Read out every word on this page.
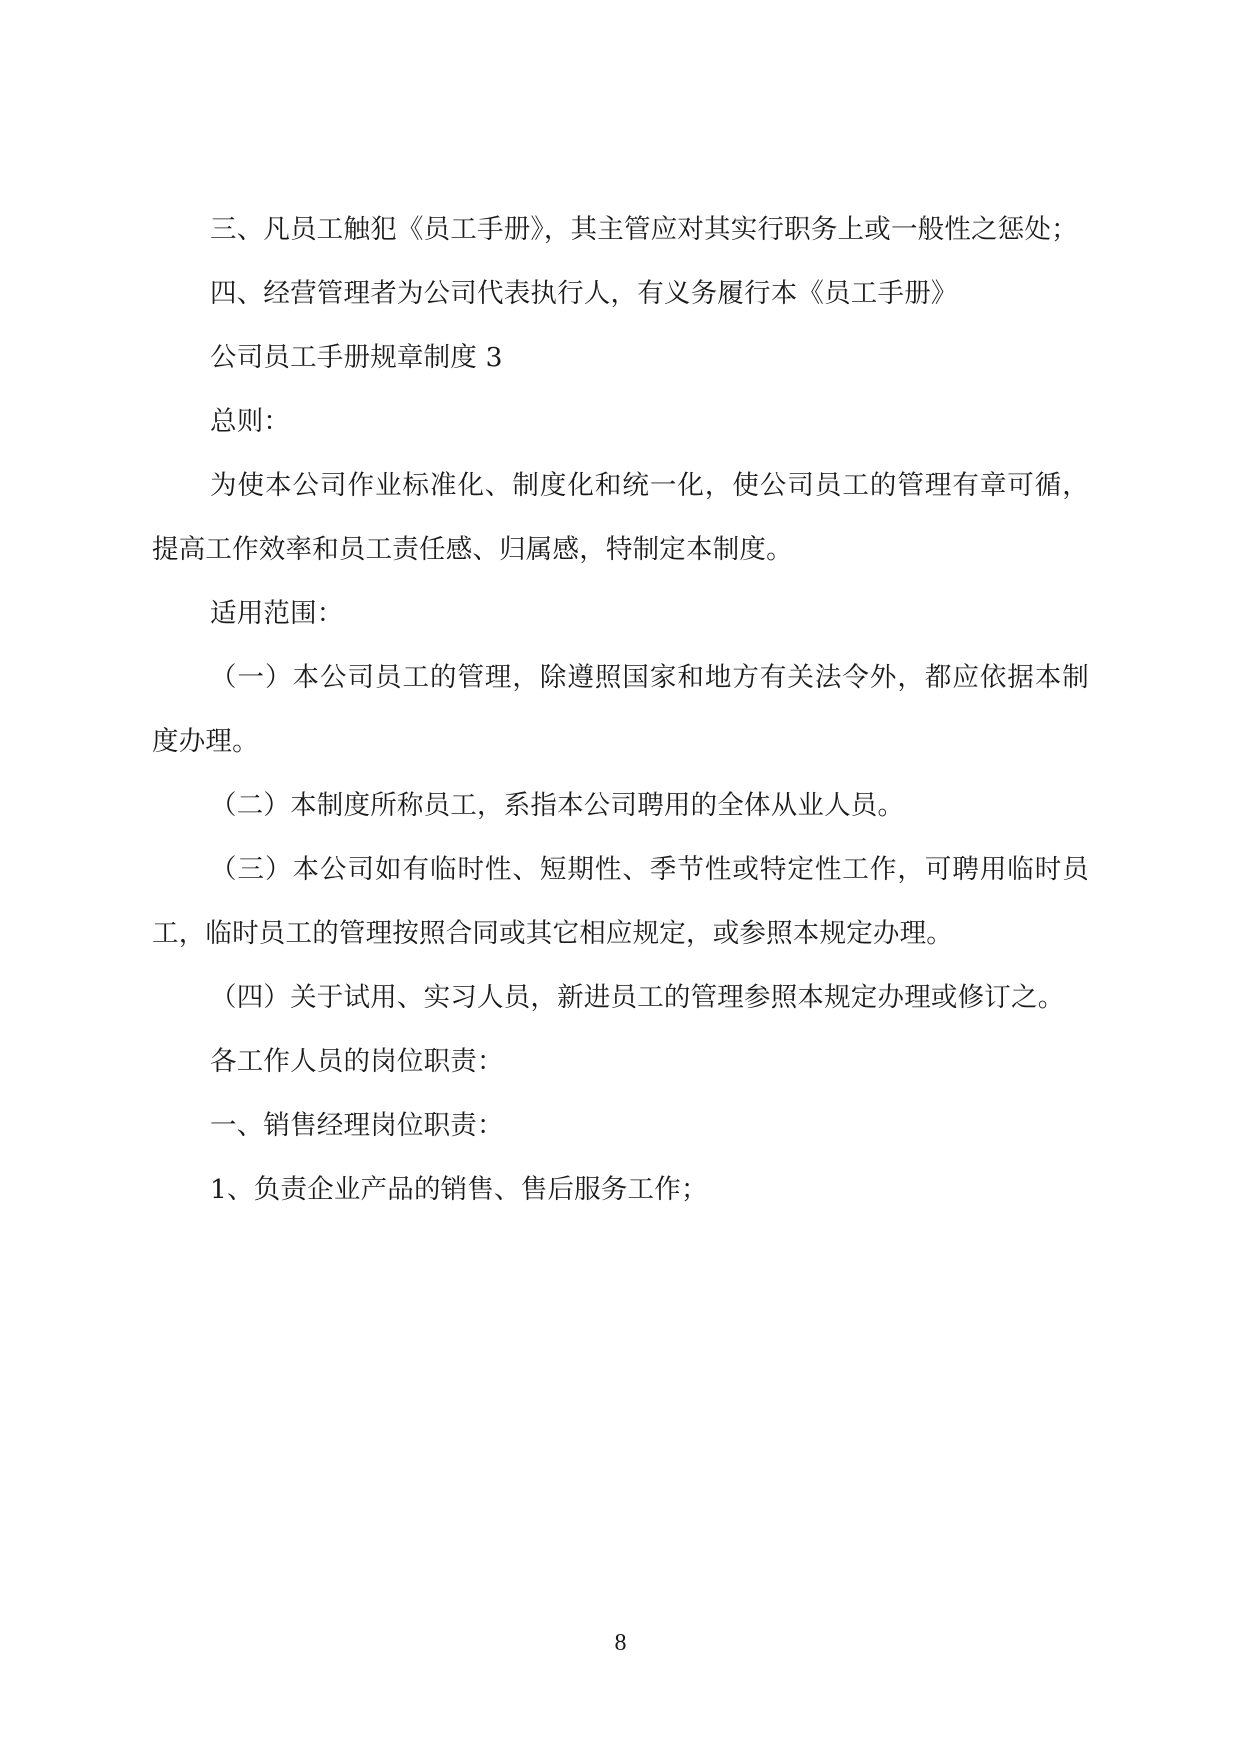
三、凡员工触犯《员工手册》，其主管应对其实行职务上或一般性之惩处；

四、经营管理者为公司代表执行人，有义务履行本《员工手册》

公司员工手册规章制度 3

总则：

为使本公司作业标准化、制度化和统一化，使公司员工的管理有章可循，提高工作效率和员工责任感、归属感，特制定本制度。

适用范围：

（一）本公司员工的管理，除遵照国家和地方有关法令外，都应依据本制度办理。

（二）本制度所称员工，系指本公司聘用的全体从业人员。

（三）本公司如有临时性、短期性、季节性或特定性工作，可聘用临时员工，临时员工的管理按照合同或其它相应规定，或参照本规定办理。

（四）关于试用、实习人员，新进员工的管理参照本规定办理或修订之。

各工作人员的岗位职责：

一、销售经理岗位职责：

1、负责企业产品的销售、售后服务工作；

8
